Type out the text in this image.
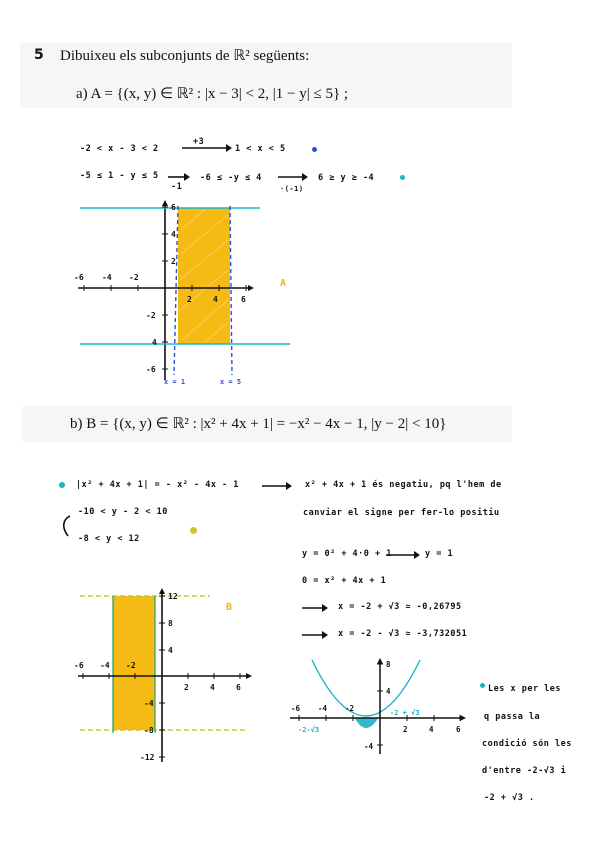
5 Dibuixeu els subconjunts de ℝ² següents:
a) A = {(x, y) ∈ ℝ² : |x − 3| < 2, |1 − y| ≤ 5} ;
-2 < x - 3 < 2
+3
1 < x < 5
-5 ≤ 1 - y ≤ 5
-1
-6 ≤ -y ≤ 4
·(-1)
6 ≥ y ≥ -4
-6 -4 -2
2	4	6
6
4
2
-2
4
-6
A
x = 1	x = 5
b) B = {(x, y) ∈ ℝ² : |x² + 4x + 1| = −x² − 4x − 1, |y − 2| < 10}
|x² + 4x + 1| = - x² - 4x - 1	x² + 4x + 1 és negatiu, pq l'hem de
canviar el signe per fer-lo positiu
-10 < y - 2 < 10
-8 < y < 12
y = 0² + 4·0 + 1	y = 1
0 = x² + 4x + 1
x = -2 + √3 ≃ -0,26795
x = -2 - √3 ≃ -3,732051
-6 -4 -2
2	4	6
12
8
4
-4
-8
-12
B
-6 -4 -2
2	4	6
8
4
-4
-2-√3
-2 + √3
Les x per les
q passa la
condició són les
d'entre -2-√3 i
-2 + √3 .
